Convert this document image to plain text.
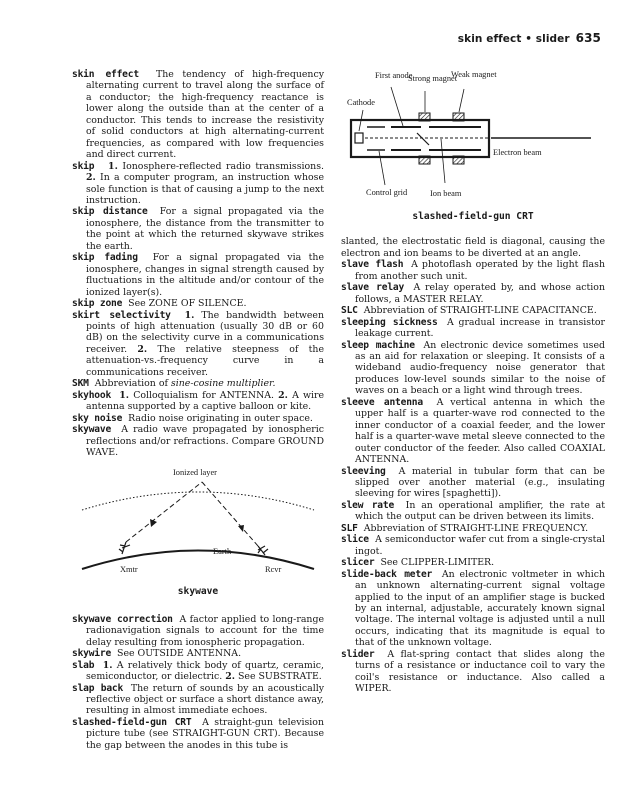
skin effect • slider 635

skin effect The tendency of high-frequency alternating current to travel along the surface of a conductor; the high-frequency reactance is lower along the outside than at the center of a conductor. This tends to increase the resistivity of solid conductors at high alternating-current frequencies, as compared with low frequencies and direct current.

skip 1. Ionosphere-reflected radio transmissions. 2. In a computer program, an instruction whose sole function is that of causing a jump to the next instruction.

skip distance For a signal propagated via the ionosphere, the distance from the transmitter to the point at which the returned skywave strikes the earth.

skip fading For a signal propagated via the ionosphere, changes in signal strength caused by fluctuations in the altitude and/or contour of the ionized layer(s).

skip zone See ZONE OF SILENCE.

skirt selectivity 1. The bandwidth between points of high attenuation (usually 30 dB or 60 dB) on the selectivity curve in a communications receiver. 2. The relative steepness of the attenuation-vs.-frequency curve in a communications receiver.

SKM Abbreviation of sine-cosine multiplier.

skyhook 1. Colloquialism for ANTENNA. 2. A wire antenna supported by a captive balloon or kite.

sky noise Radio noise originating in outer space.

skywave A radio wave propagated by ionospheric reflections and/or refractions. Compare GROUND WAVE.

Ionized layer
Earth
Xmtr	Rcvr
skywave

skywave correction A factor applied to long-range radionavigation signals to account for the time delay resulting from ionospheric propagation.

skywire See OUTSIDE ANTENNA.

slab 1. A relatively thick body of quartz, ceramic, semiconductor, or dielectric. 2. See SUBSTRATE.

slap back The return of sounds by an acoustically reflective object or surface a short distance away, resulting in almost immediate echoes.

slashed-field-gun CRT A straight-gun television picture tube (see STRAIGHT-GUN CRT). Because the gap between the anodes in this tube is

First anode
Strong magnet
Weak magnet
Cathode
Electron beam
Control grid	Ion beam
slashed-field-gun CRT

slanted, the electrostatic field is diagonal, causing the electron and ion beams to be diverted at an angle.

slave flash A photoflash operated by the light flash from another such unit.

slave relay A relay operated by, and whose action follows, a MASTER RELAY.

SLC Abbreviation of STRAIGHT-LINE CAPACITANCE.

sleeping sickness A gradual increase in transistor leakage current.

sleep machine An electronic device sometimes used as an aid for relaxation or sleeping. It consists of a wideband audio-frequency noise generator that produces low-level sounds similar to the noise of waves on a beach or a light wind through trees.

sleeve antenna A vertical antenna in which the upper half is a quarter-wave rod connected to the inner conductor of a coaxial feeder, and the lower half is a quarter-wave metal sleeve connected to the outer conductor of the feeder. Also called COAXIAL ANTENNA.

sleeving A material in tubular form that can be slipped over another material (e.g., insulating sleeving for wires [spaghetti]).

slew rate In an operational amplifier, the rate at which the output can be driven between its limits.

SLF Abbreviation of STRAIGHT-LINE FREQUENCY.

slice A semiconductor wafer cut from a single-crystal ingot.

slicer See CLIPPER-LIMITER.

slide-back meter An electronic voltmeter in which an unknown alternating-current signal voltage applied to the input of an amplifier stage is bucked by an internal, adjustable, accurately known signal voltage. The internal voltage is adjusted until a null occurs, indicating that its magnitude is equal to that of the unknown voltage.

slider A flat-spring contact that slides along the turns of a resistance or inductance coil to vary the coil's resistance or inductance. Also called a WIPER.
